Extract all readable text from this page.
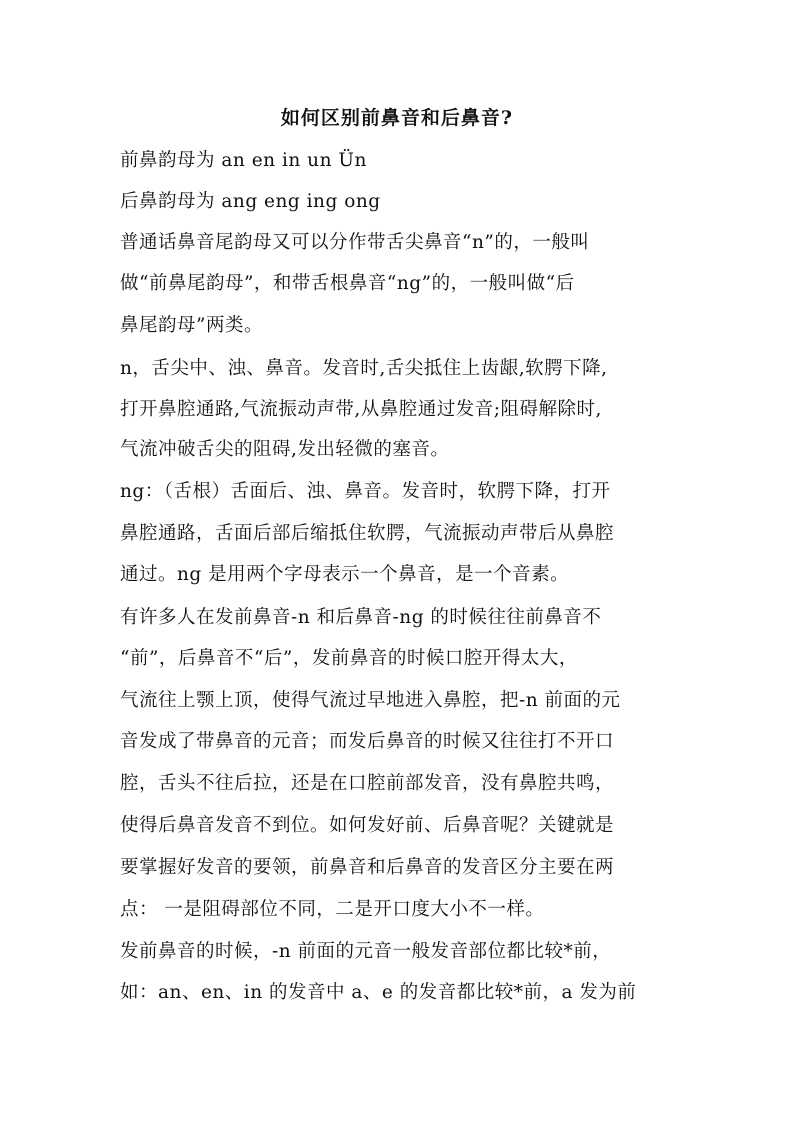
如何区别前鼻音和后鼻音?
前鼻韵母为 an en in un Ün
后鼻韵母为 ang eng ing ong
普通话鼻音尾韵母又可以分作带舌尖鼻音“n”的，一般叫
做“前鼻尾韵母”，和带舌根鼻音“ng”的，一般叫做“后
鼻尾韵母”两类。
n，舌尖中、浊、鼻音。发音时,舌尖抵住上齿龈,软腭下降,
打开鼻腔通路,气流振动声带,从鼻腔通过发音;阻碍解除时,
气流冲破舌尖的阻碍,发出轻微的塞音。
ng：（舌根）舌面后、浊、鼻音。发音时，软腭下降，打开
鼻腔通路，舌面后部后缩抵住软腭，气流振动声带后从鼻腔
通过。ng 是用两个字母表示一个鼻音，是一个音素。
有许多人在发前鼻音-n 和后鼻音-ng 的时候往往前鼻音不
“前”，后鼻音不“后”，发前鼻音的时候口腔开得太大，
气流往上颚上顶，使得气流过早地进入鼻腔，把-n 前面的元
音发成了带鼻音的元音；而发后鼻音的时候又往往打不开口
腔，舌头不往后拉，还是在口腔前部发音，没有鼻腔共鸣，
使得后鼻音发音不到位。如何发好前、后鼻音呢？关键就是
要掌握好发音的要领，前鼻音和后鼻音的发音区分主要在两
点： 一是阻碍部位不同，二是开口度大小不一样。
发前鼻音的时候，-n 前面的元音一般发音部位都比较*前，
如：an、en、in 的发音中 a、e 的发音都比较*前，a 发为前
